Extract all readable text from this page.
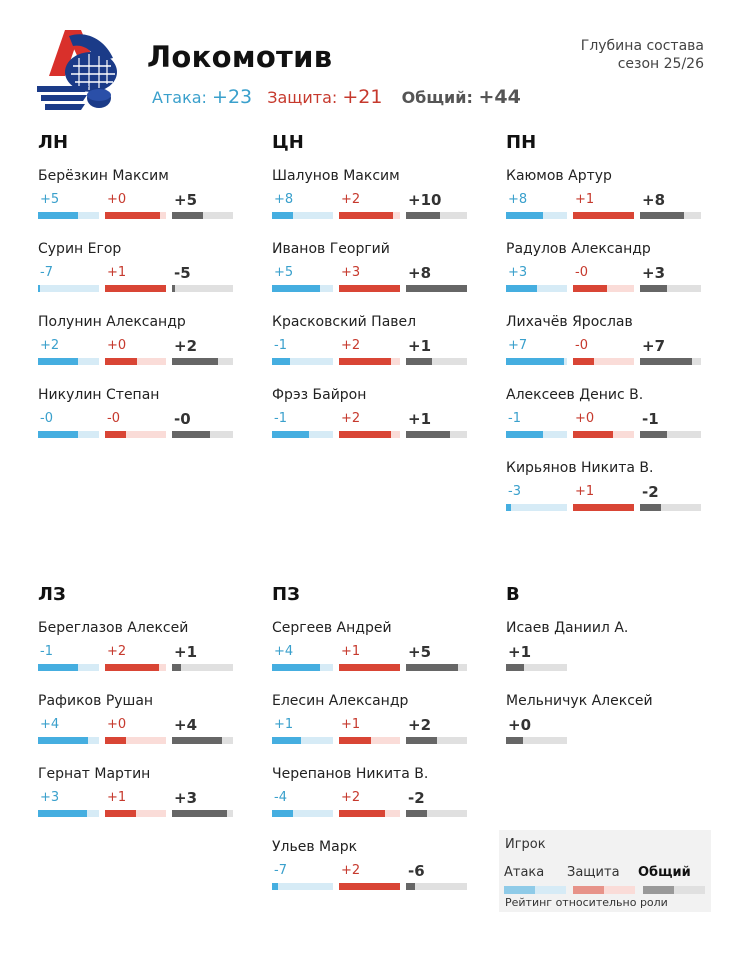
Локомотив
Атака: +23 Защита: +21 Общий: +44
Глубина состава
сезон 25/26
ЛН
Берёзкин Максим
+5	+0	+5
Сурин Егор
-7	+1	-5
Полунин Александр
+2	+0	+2
Никулин Степан
-0	-0	-0
ЦН
Шалунов Максим
+8	+2	+10
Иванов Георгий
+5	+3	+8
Красковский Павел
-1	+2	+1
Фрэз Байрон
-1	+2	+1
ПН
Каюмов Артур
+8	+1	+8
Радулов Александр
+3	-0	+3
Лихачёв Ярослав
+7	-0	+7
Алексеев Денис В.
-1	+0	-1
Кирьянов Никита В.
-3	+1	-2
ЛЗ
Береглазов Алексей
-1	+2	+1
Рафиков Рушан
+4	+0	+4
Гернат Мартин
+3	+1	+3
ПЗ
Сергеев Андрей
+4	+1	+5
Елесин Александр
+1	+1	+2
Черепанов Никита В.
-4	+2	-2
Ульев Марк
-7	+2	-6
В
Исаев Даниил А.
+1
Мельничук Алексей
+0
Игрок
Атака Защита Общий
Рейтинг относительно роли
